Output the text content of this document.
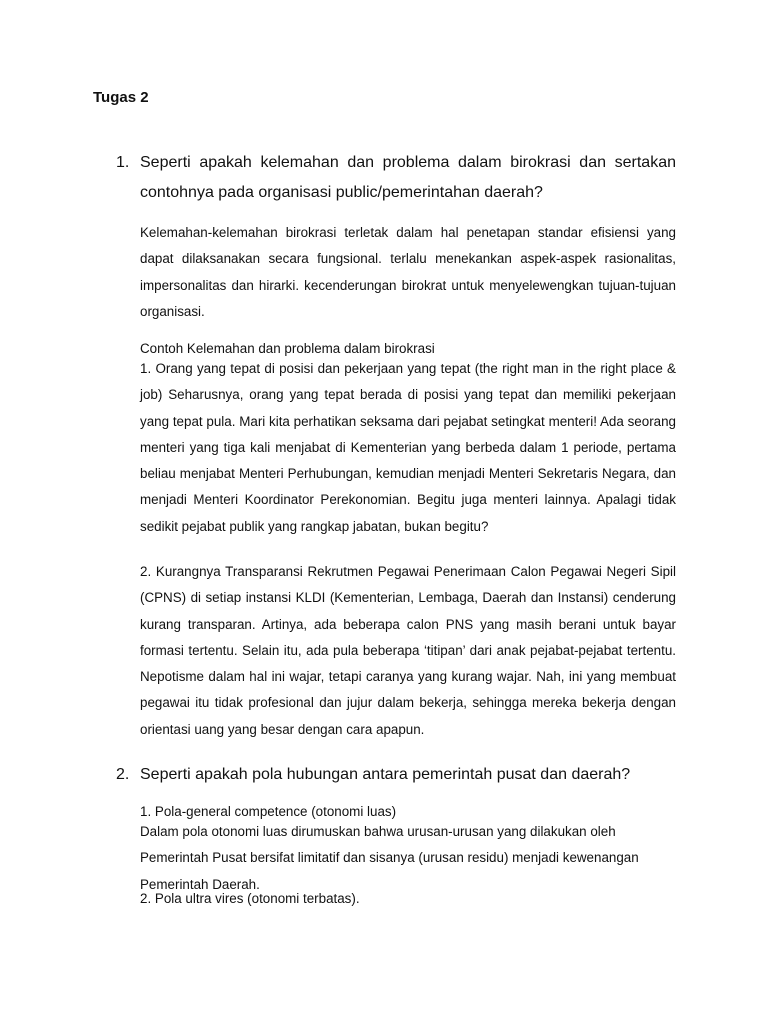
Tugas 2
1. Seperti apakah kelemahan dan problema dalam birokrasi dan sertakan contohnya pada organisasi public/pemerintahan daerah?
Kelemahan-kelemahan birokrasi terletak dalam hal penetapan standar efisiensi yang dapat dilaksanakan secara fungsional. terlalu menekankan aspek-aspek rasionalitas, impersonalitas dan hirarki. kecenderungan birokrat untuk menyelewengkan tujuan-tujuan organisasi.
Contoh Kelemahan dan problema dalam birokrasi
1. Orang yang tepat di posisi dan pekerjaan yang tepat (the right man in the right place & job) Seharusnya, orang yang tepat berada di posisi yang tepat dan memiliki pekerjaan yang tepat pula. Mari kita perhatikan seksama dari pejabat setingkat menteri! Ada seorang menteri yang tiga kali menjabat di Kementerian yang berbeda dalam 1 periode, pertama beliau menjabat Menteri Perhubungan, kemudian menjadi Menteri Sekretaris Negara, dan menjadi Menteri Koordinator Perekonomian. Begitu juga menteri lainnya. Apalagi tidak sedikit pejabat publik yang rangkap jabatan, bukan begitu?
2. Kurangnya Transparansi Rekrutmen Pegawai Penerimaan Calon Pegawai Negeri Sipil (CPNS) di setiap instansi KLDI (Kementerian, Lembaga, Daerah dan Instansi) cenderung kurang transparan. Artinya, ada beberapa calon PNS yang masih berani untuk bayar formasi tertentu. Selain itu, ada pula beberapa ‘titipan’ dari anak pejabat-pejabat tertentu. Nepotisme dalam hal ini wajar, tetapi caranya yang kurang wajar. Nah, ini yang membuat pegawai itu tidak profesional dan jujur dalam bekerja, sehingga mereka bekerja dengan orientasi uang yang besar dengan cara apapun.
2. Seperti apakah pola hubungan antara pemerintah pusat dan daerah?
1. Pola-general competence (otonomi luas)
Dalam pola otonomi luas dirumuskan bahwa urusan-urusan yang dilakukan oleh Pemerintah Pusat bersifat limitatif dan sisanya (urusan residu) menjadi kewenangan Pemerintah Daerah.
2. Pola ultra vires (otonomi terbatas).
